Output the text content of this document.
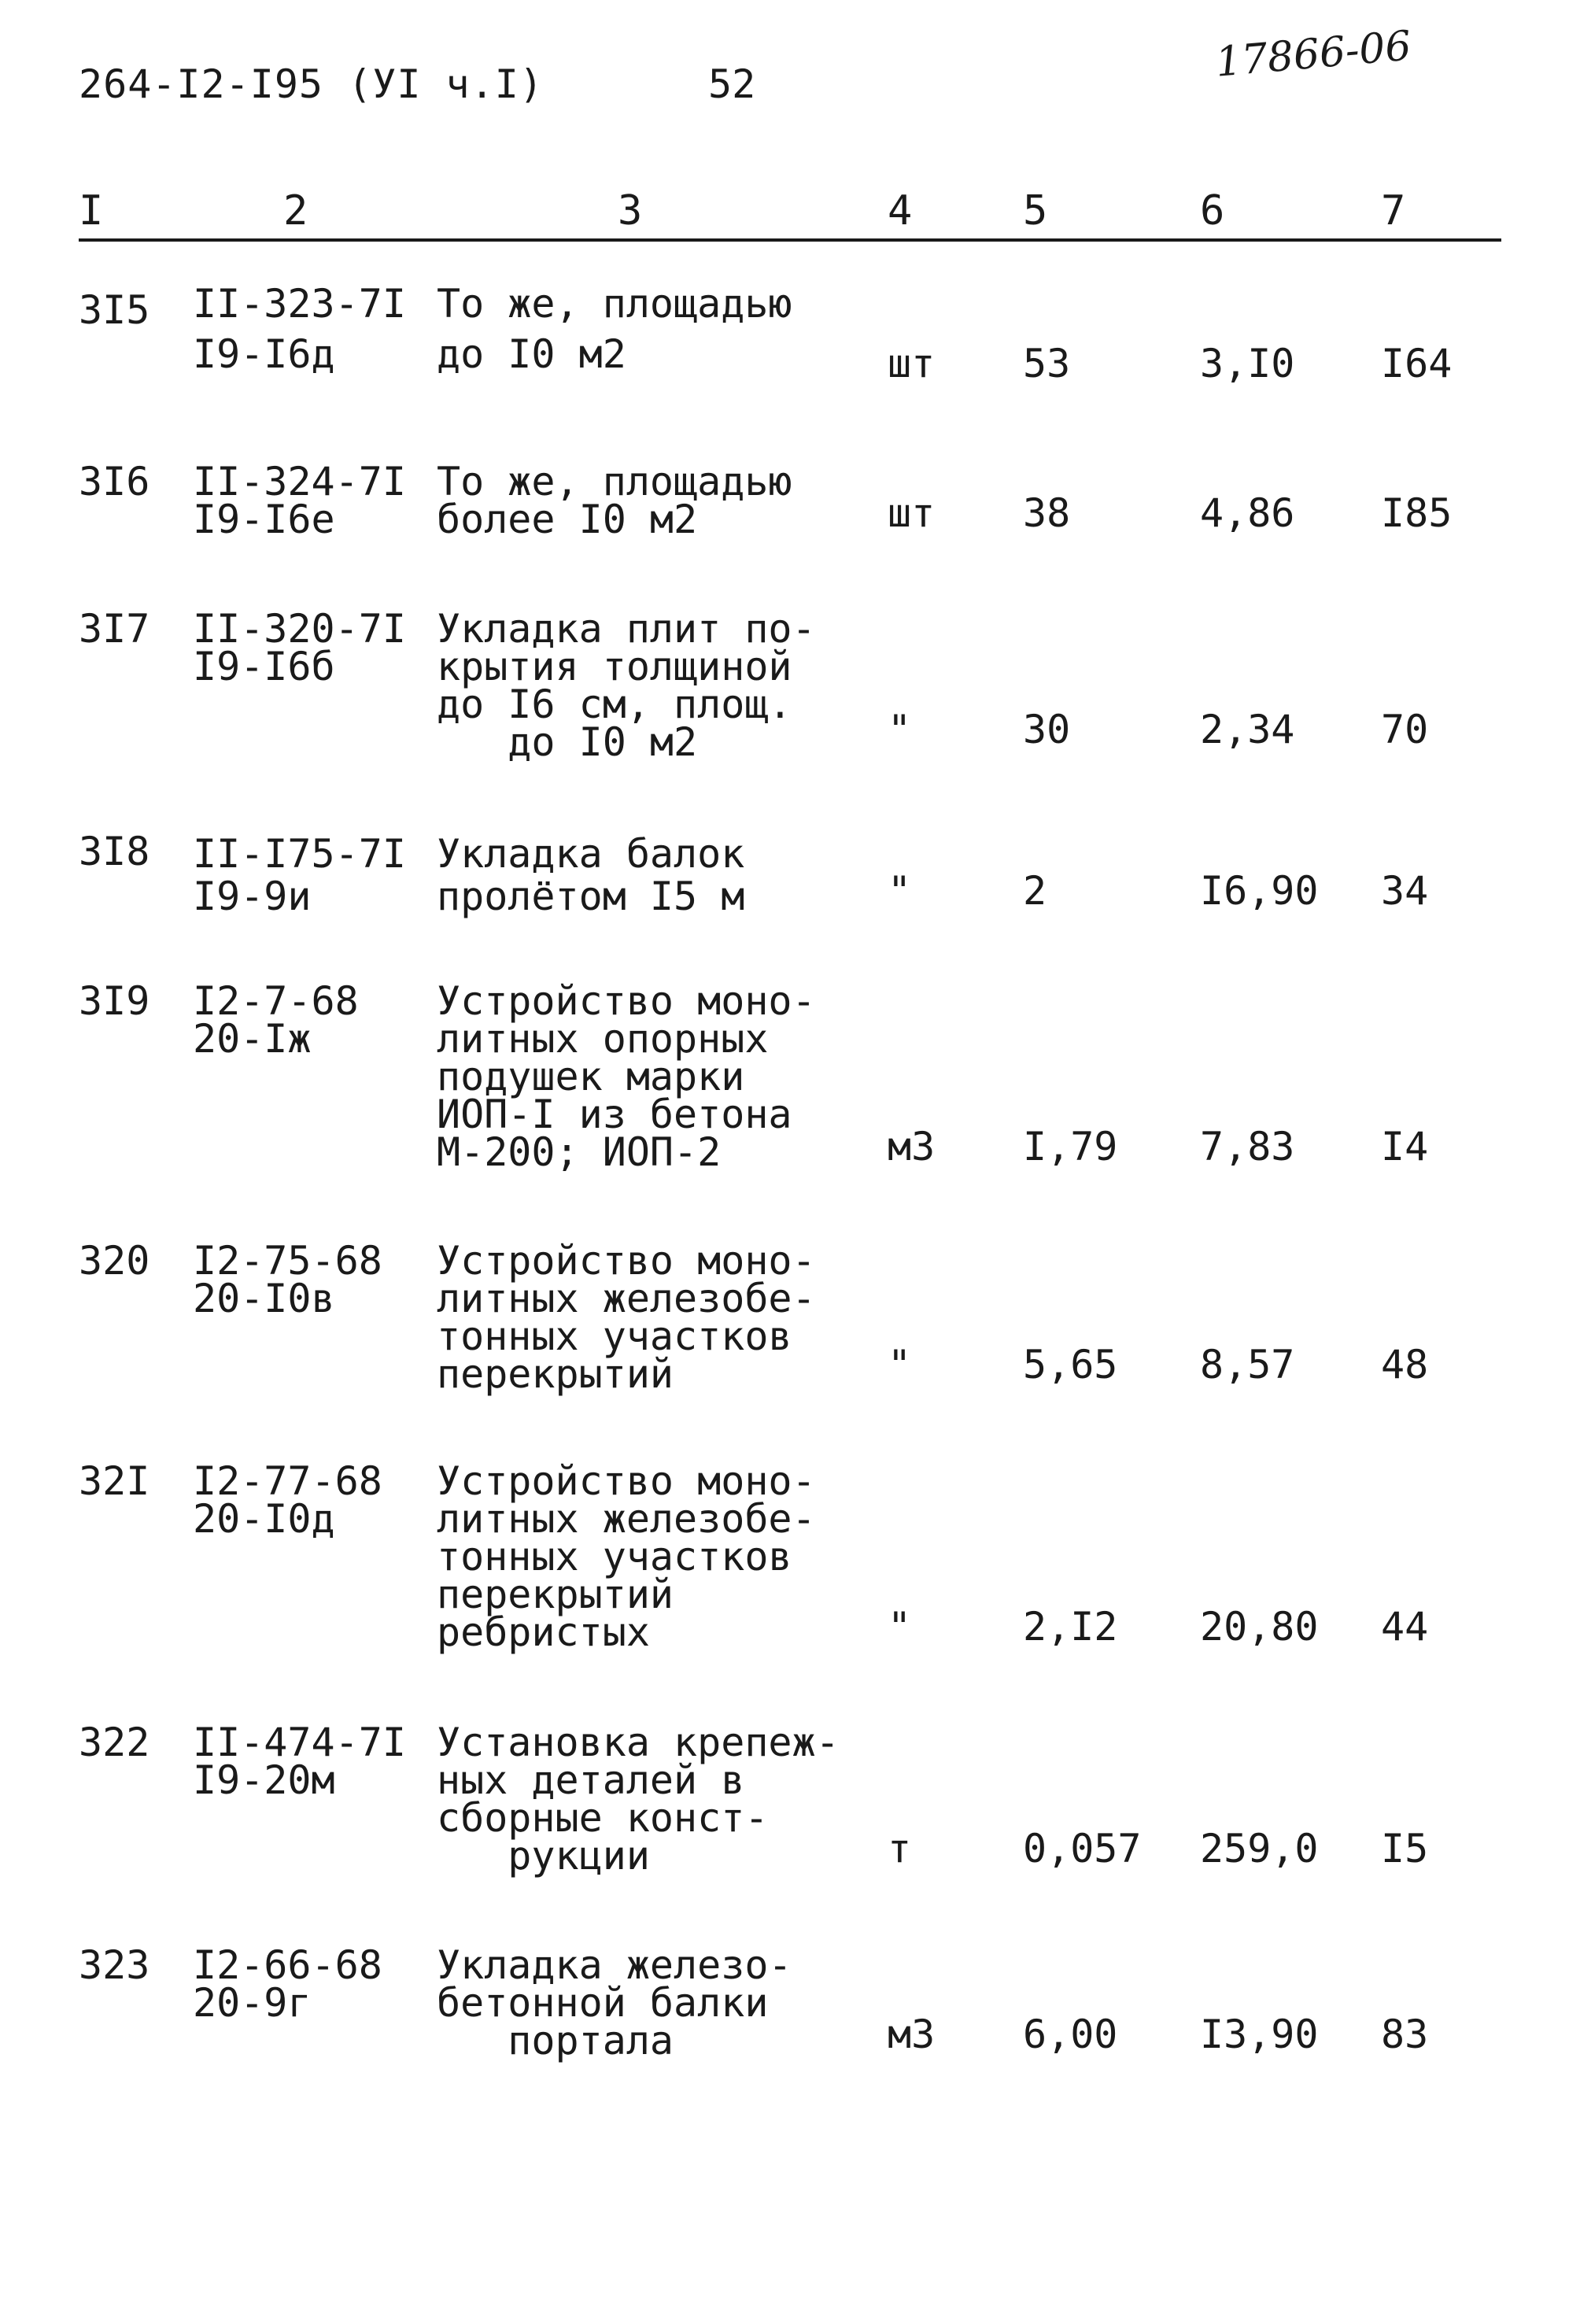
264-I2-I95 (УI ч.I)	52	17866-06
I	2	3	4	5	6	7
3I5 II-323-7I

I9-I6д
То же, площадью

до I0 м2	шт 53	3,I0 I64
3I6 II-324-7I
I9-I6е
То же, площадью
более I0 м2	шт 38	4,86 I85
3I7 II-320-7I
I9-I6б
Укладка плит по-
крытия толщиной
до I6 см, площ.
до I0 м2	"	30	2,34 70
3I8 II-I75-7I
I9-9и
Укладка балок
пролётом I5 м	"	2	I6,90 34
3I9 I2-7-68
20-Iж
Устройство моно-
литных опорных
подушек марки
ИОП-I из бетона
М-200; ИОП-2	м3 I,79 7,83 I4
320 I2-75-68
20-I0в
Устройство моно-
литных железобе-
тонных участков
перекрытий	"	5,65 8,57 48
32I I2-77-68
20-I0д
Устройство моно-
литных железобе-
тонных участков
перекрытий
ребристых	"	2,I2 20,80 44
322 II-474-7I
I9-20м
Установка крепеж-
ных деталей в
сборные конст-
рукции	т	0,057 259,0 I5
323 I2-66-68
20-9г
Укладка железо-
бетонной балки
портала	м3 6,00 I3,90 83
